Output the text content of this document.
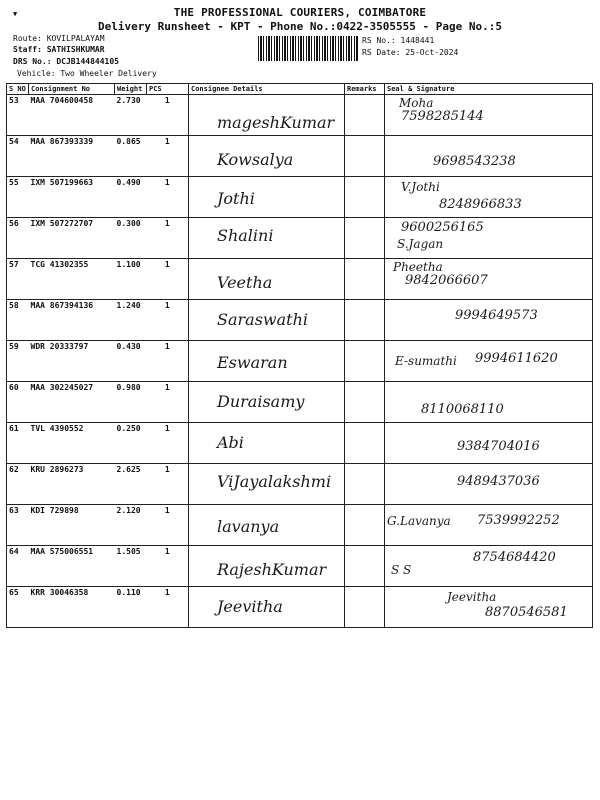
▼	THE PROFESSIONAL COURIERS, COIMBATORE
Delivery Runsheet - KPT - Phone No.:0422-3505555 - Page No.:5
Route: KOVILPALAYAM
Staff: SATHISHKUMAR
DRS No.: DCJB144844105
Vehicle: Two Wheeler Delivery
RS No.: 1448441
RS Date: 25-Oct-2024
S NO	Consignment No	Weight	PCS	Consignee Details	Remarks	Seal & Signature
53	MAA 704600458	2.730	1	mageshKumar		Moha
7598285144

54	MAA 867393339	0.865	1	Kowsalya		9698543238

55	IXM 507199663	0.490	1	Jothi		V.Jothi
8248966833

56	IXM 507272707	0.300	1	Shalini		S.Jagan
9600256165

57	TCG 41302355	1.100	1	Veetha		Pheetha
9842066607

58	MAA 867394136	1.240	1	Saraswathi		9994649573

59	WDR 20333797	0.430	1	Eswaran		E-sumathi 9994611620

60	MAA 302245027	0.980	1	Duraisamy		8110068110

61	TVL 4390552	0.250	1	Abi		9384704016

62	KRU 2896273	2.625	1	ViJayalakshmi		9489437036

63	KDI 729898	2.120	1	lavanya		G.Lavanya 7539992252

64	MAA 575006551	1.505	1	RajeshKumar		S S
8754684420

65	KRR 30046358	0.110	1	Jeevitha		Jeevitha
8870546581
